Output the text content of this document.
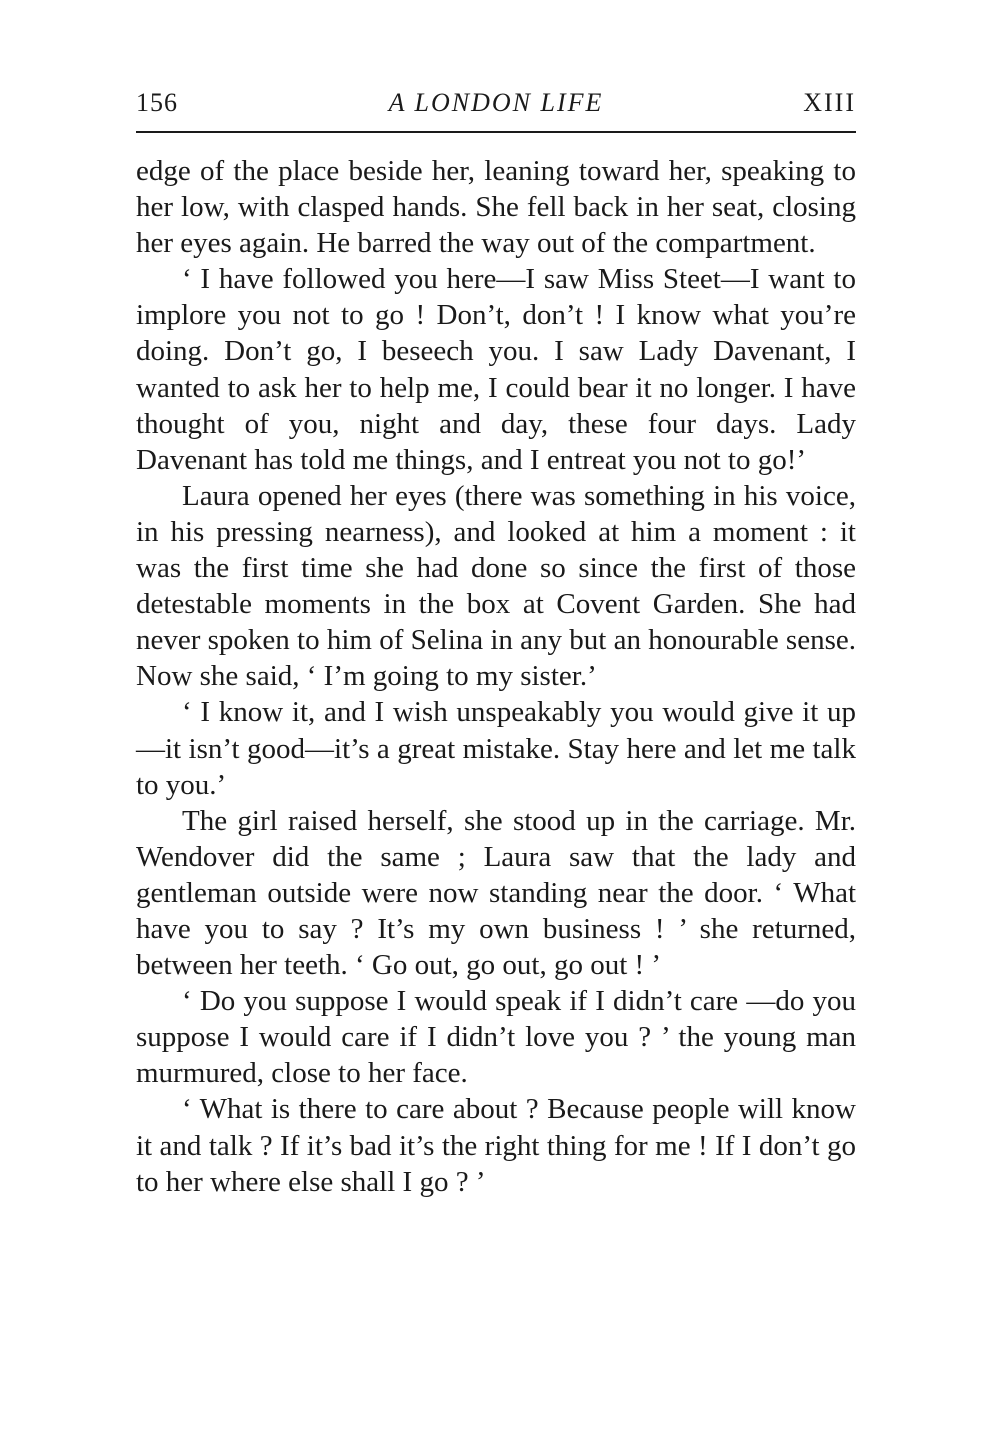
156	A LONDON LIFE	XIII

edge of the place beside her, leaning toward her, speaking to her low, with clasped hands. She fell back in her seat, closing her eyes again. He barred the way out of the compartment.

‘ I have followed you here—I saw Miss Steet—I want to implore you not to go ! Don’t, don’t ! I know what you’re doing. Don’t go, I beseech you. I saw Lady Davenant, I wanted to ask her to help me, I could bear it no longer. I have thought of you, night and day, these four days. Lady Davenant has told me things, and I entreat you not to go!’

Laura opened her eyes (there was something in his voice, in his pressing nearness), and looked at him a moment : it was the first time she had done so since the first of those detestable moments in the box at Covent Garden. She had never spoken to him of Selina in any but an honourable sense. Now she said, ‘ I’m going to my sister.’

‘ I know it, and I wish unspeakably you would give it up—it isn’t good—it’s a great mistake. Stay here and let me talk to you.’

The girl raised herself, she stood up in the carriage. Mr. Wendover did the same ; Laura saw that the lady and gentleman outside were now standing near the door. ‘ What have you to say ? It’s my own business ! ’ she returned, between her teeth. ‘ Go out, go out, go out ! ’

‘ Do you suppose I would speak if I didn’t care —do you suppose I would care if I didn’t love you ? ’ the young man murmured, close to her face.

‘ What is there to care about ? Because people will know it and talk ? If it’s bad it’s the right thing for me ! If I don’t go to her where else shall I go ? ’
